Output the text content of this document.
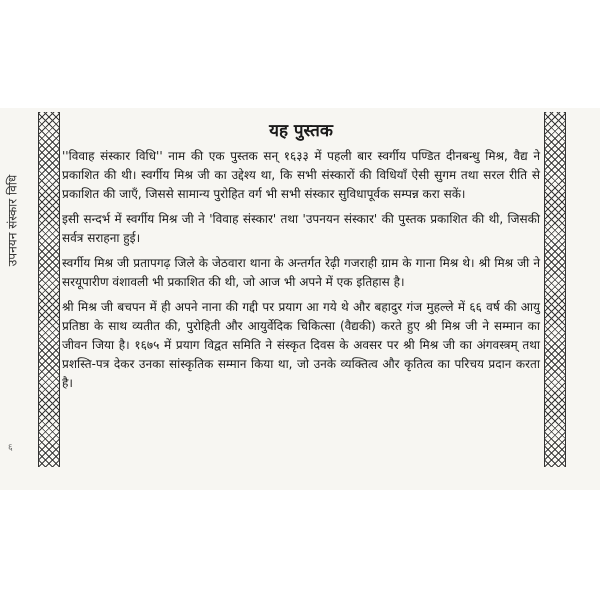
उपनयन संस्कार विधि
६
यह पुस्तक

''विवाह संस्कार विधि'' नाम की एक पुस्तक सन् १६३३ में पहली बार स्वर्गीय पण्डित दीनबन्धु मिश्र, वैद्य ने प्रकाशित की थी। स्वर्गीय मिश्र जी का उद्देश्य था, कि सभी संस्कारों की विधियाँ ऐसी सुगम तथा सरल रीति से प्रकाशित की जाएँ, जिससे सामान्य पुरोहित वर्ग भी सभी संस्कार सुविधापूर्वक सम्पन्न करा सकें।

इसी सन्दर्भ में स्वर्गीय मिश्र जी ने 'विवाह संस्कार' तथा 'उपनयन संस्कार' की पुस्तक प्रकाशित की थी, जिसकी सर्वत्र सराहना हुई।

स्वर्गीय मिश्र जी प्रतापगढ़ जिले के जेठवारा थाना के अन्तर्गत रेढ़ी गजराही ग्राम के गाना मिश्र थे। श्री मिश्र जी ने सरयूपारीण वंशावली भी प्रकाशित की थी, जो आज भी अपने में एक इतिहास है।

श्री मिश्र जी बचपन में ही अपने नाना की गद्दी पर प्रयाग आ गये थे और बहादुर गंज मुहल्ले में ६६ वर्ष की आयु प्रतिष्ठा के साथ व्यतीत की, पुरोहिती और आयुर्वेदिक चिकित्सा (वैद्यकी) करते हुए श्री मिश्र जी ने सम्मान का जीवन जिया है। १६७५ में प्रयाग विद्वत समिति ने संस्कृत दिवस के अवसर पर श्री मिश्र जी का अंगवस्त्रम् तथा प्रशस्ति-पत्र देकर उनका सांस्कृतिक सम्मान किया था, जो उनके व्यक्तित्व और कृतित्व का परिचय प्रदान करता है।
